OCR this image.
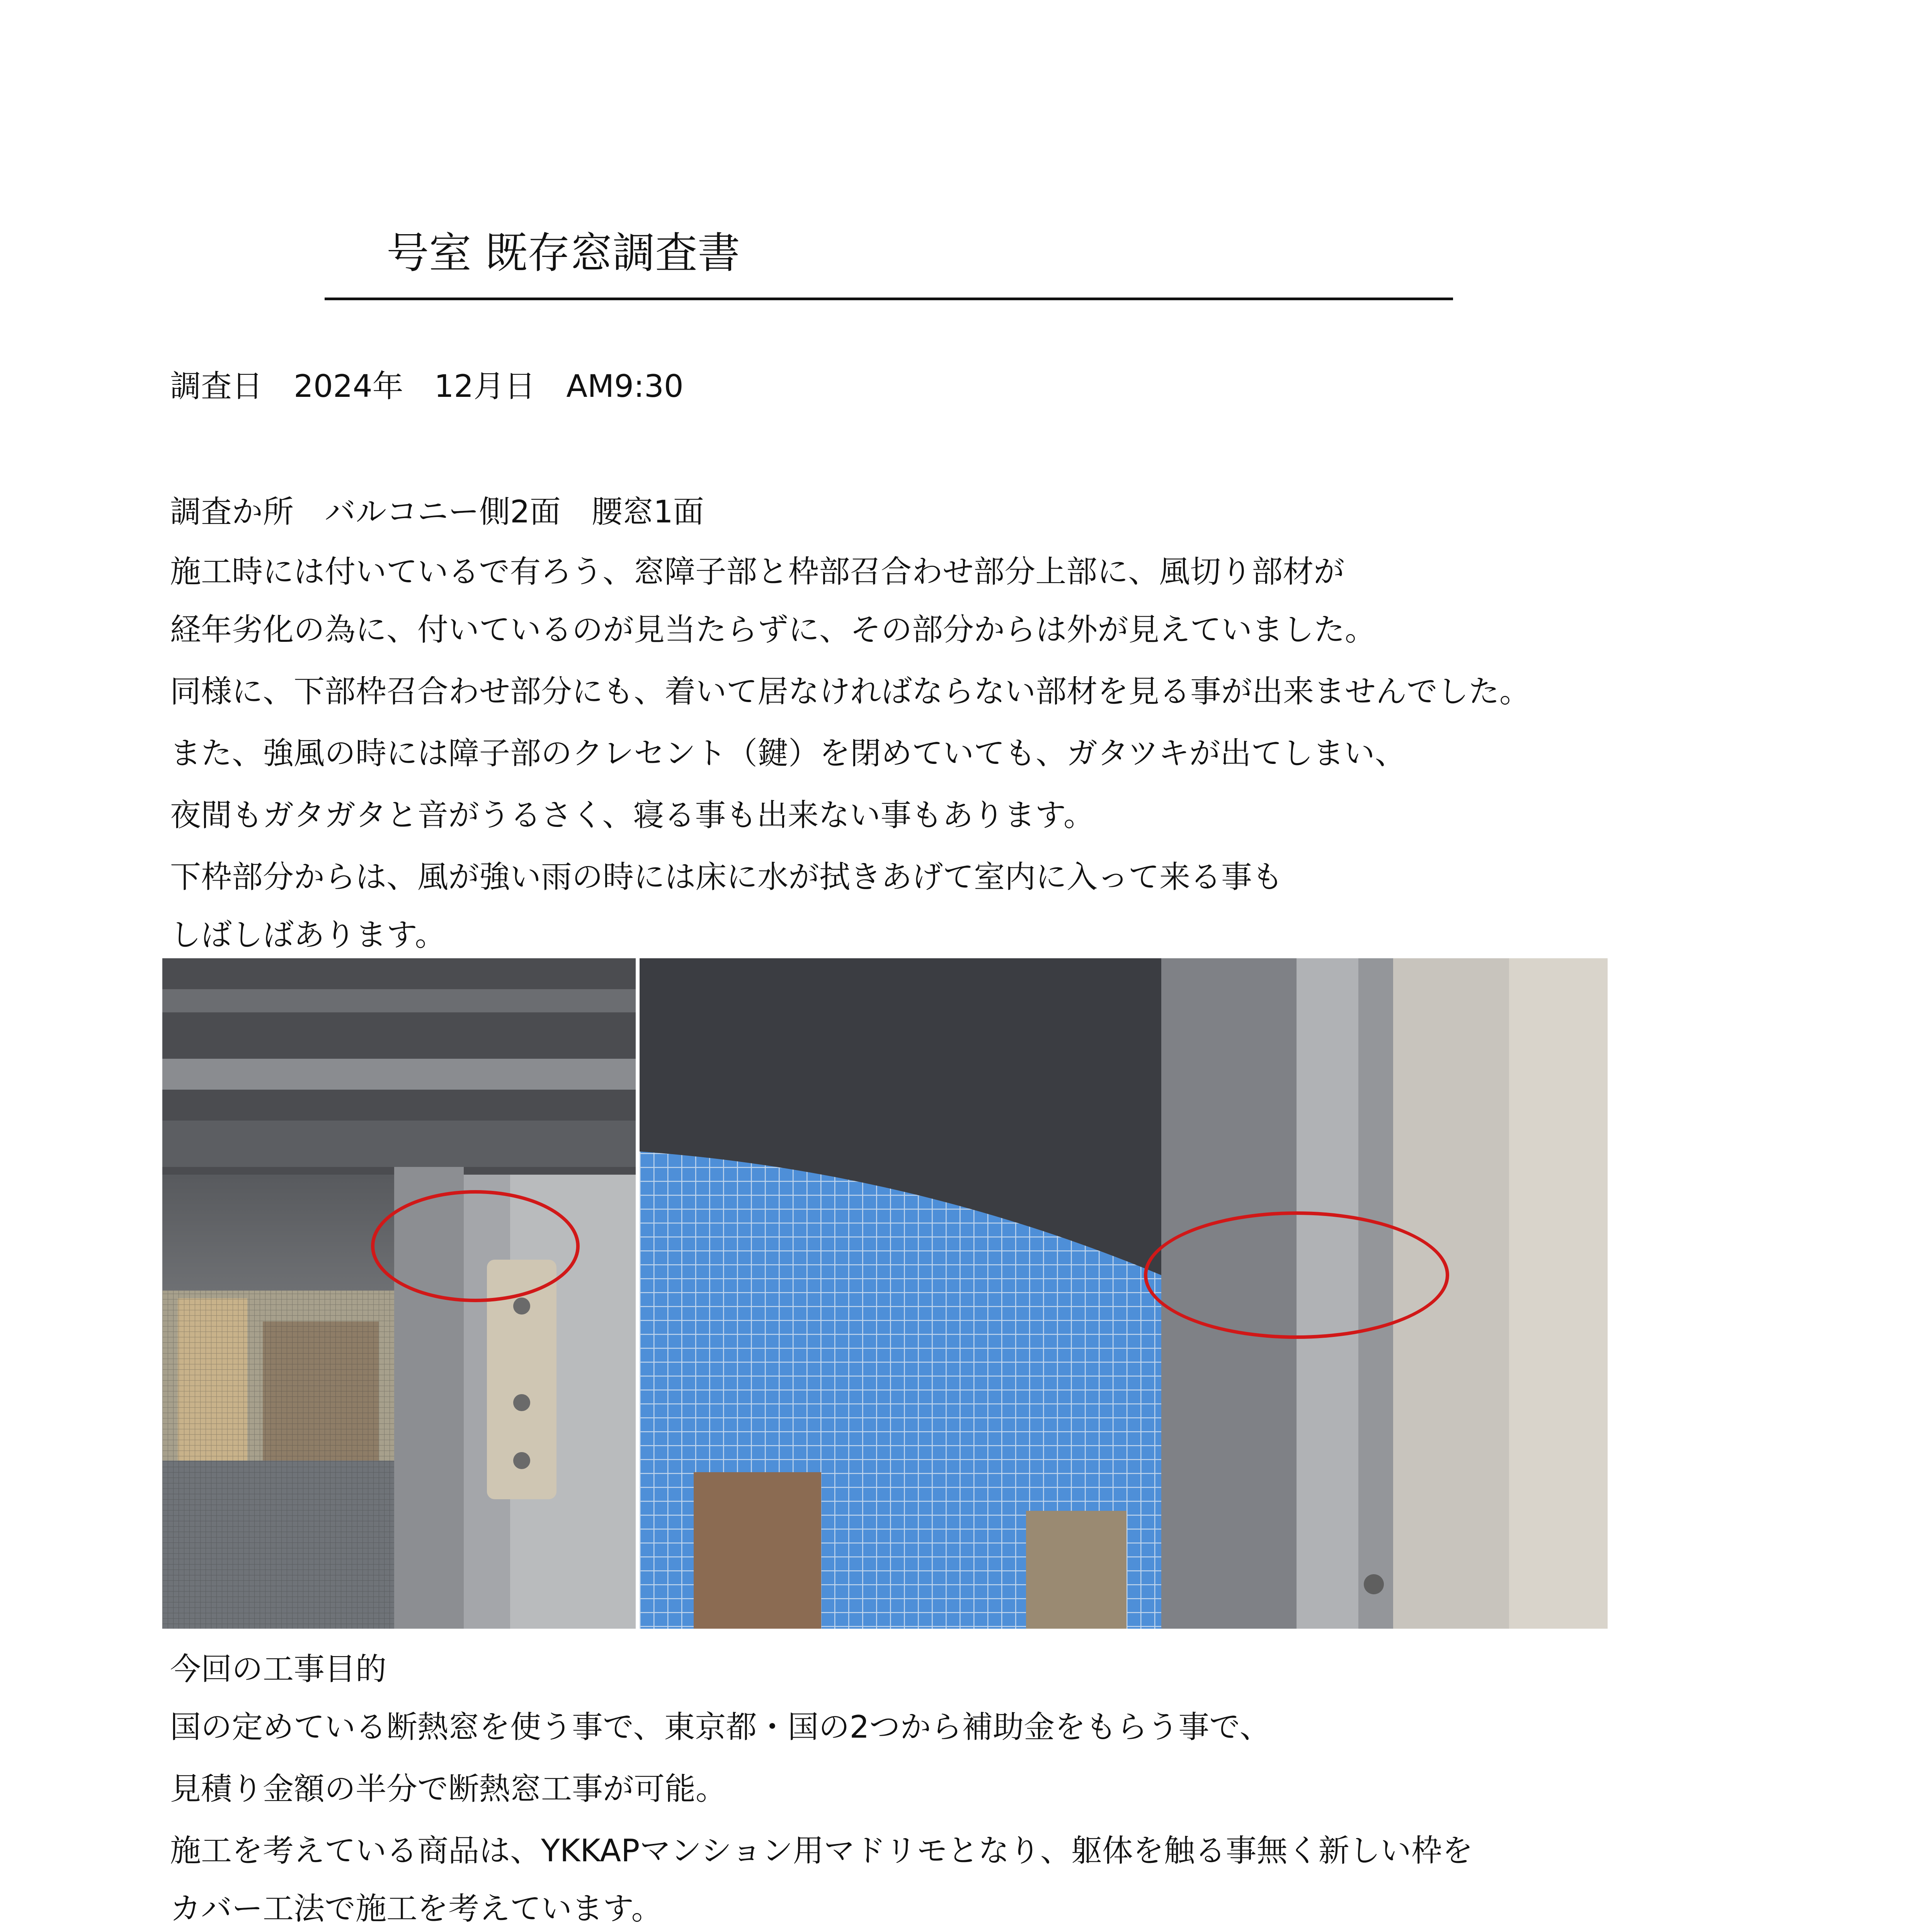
号室 既存窓調査書
調査日　2024年　12月日　AM9:30
調査か所　バルコニー側2面　腰窓1面
施工時には付いているで有ろう、窓障子部と枠部召合わせ部分上部に、風切り部材が
経年劣化の為に、付いているのが見当たらずに、その部分からは外が見えていました。
同様に、下部枠召合わせ部分にも、着いて居なければならない部材を見る事が出来ませんでした。
また、強風の時には障子部のクレセント（鍵）を閉めていても、ガタツキが出てしまい、
夜間もガタガタと音がうるさく、寝る事も出来ない事もあります。
下枠部分からは、風が強い雨の時には床に水が拭きあげて室内に入って来る事も
しばしばあります。
今回の工事目的
国の定めている断熱窓を使う事で、東京都・国の2つから補助金をもらう事で、
見積り金額の半分で断熱窓工事が可能。
施工を考えている商品は、YKKAPマンション用マドリモとなり、躯体を触る事無く新しい枠を
カバー工法で施工を考えています。
